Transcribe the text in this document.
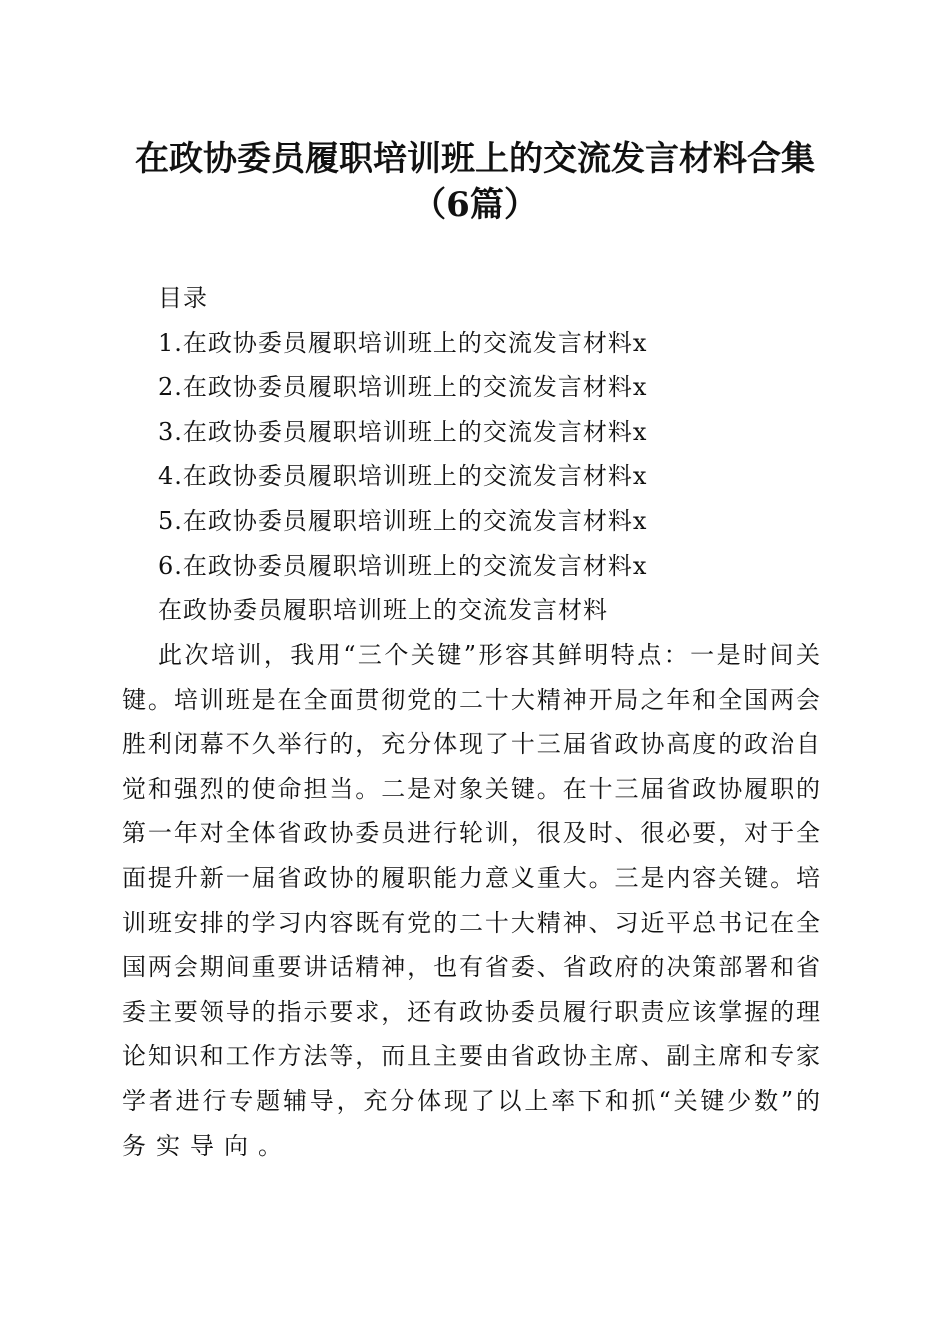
在政协委员履职培训班上的交流发言材料合集
（6篇）
目录
1.在政协委员履职培训班上的交流发言材料x
2.在政协委员履职培训班上的交流发言材料x
3.在政协委员履职培训班上的交流发言材料x
4.在政协委员履职培训班上的交流发言材料x
5.在政协委员履职培训班上的交流发言材料x
6.在政协委员履职培训班上的交流发言材料x
在政协委员履职培训班上的交流发言材料
此次培训，我用“三个关键”形容其鲜明特点：一是时间关
键。培训班是在全面贯彻党的二十大精神开局之年和全国两会
胜利闭幕不久举行的，充分体现了十三届省政协高度的政治自
觉和强烈的使命担当。二是对象关键。在十三届省政协履职的
第一年对全体省政协委员进行轮训，很及时、很必要，对于全
面提升新一届省政协的履职能力意义重大。三是内容关键。培
训班安排的学习内容既有党的二十大精神、习近平总书记在全
国两会期间重要讲话精神，也有省委、省政府的决策部署和省
委主要领导的指示要求，还有政协委员履行职责应该掌握的理
论知识和工作方法等，而且主要由省政协主席、副主席和专家
学者进行专题辅导，充分体现了以上率下和抓“关键少数”的
务实导向。
